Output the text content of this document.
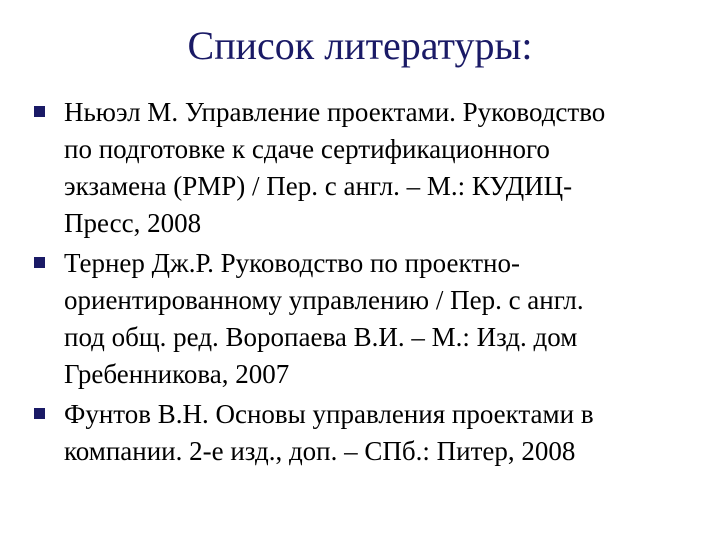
Список литературы:
Ньюэл М. Управление проектами. Руководство
по подготовке к сдаче сертификационного
экзамена (PMP) / Пер. с англ. – М.: КУДИЦ-
Пресс, 2008
Тернер Дж.Р. Руководство по проектно-
ориентированному управлению / Пер. с англ.
под общ. ред. Воропаева В.И. – М.: Изд. дом
Гребенникова, 2007
Фунтов В.Н. Основы управления проектами в
компании. 2-е изд., доп. – СПб.: Питер, 2008
